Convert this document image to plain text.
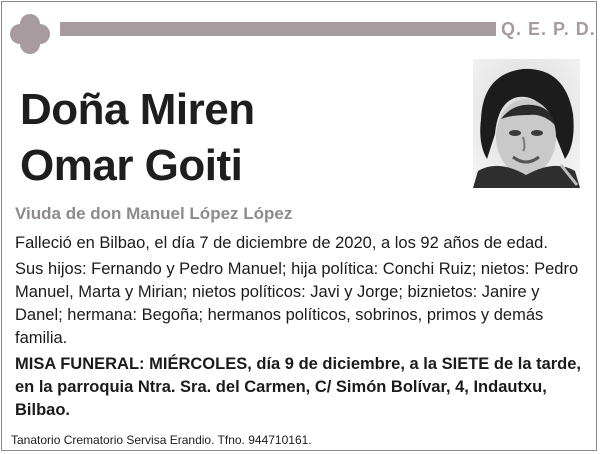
Q. E. P. D.
Doña Miren
Omar Goiti
Viuda de don Manuel López López

Falleció en Bilbao, el día 7 de diciembre de 2020, a los 92 años de edad.

Sus hijos: Fernando y Pedro Manuel; hija política: Conchi Ruiz; nietos: Pedro Manuel, Marta y Mirian; nietos políticos: Javi y Jorge; biznietos: Janire y Danel; hermana: Begoña; hermanos políticos, sobrinos, primos y demás familia.

MISA FUNERAL: MIÉRCOLES, día 9 de diciembre, a la SIETE de la tarde, en la parroquia Ntra. Sra. del Carmen, C/ Simón Bolívar, 4, Indautxu, Bilbao.

Tanatorio Crematorio Servisa Erandio. Tfno. 944710161.
